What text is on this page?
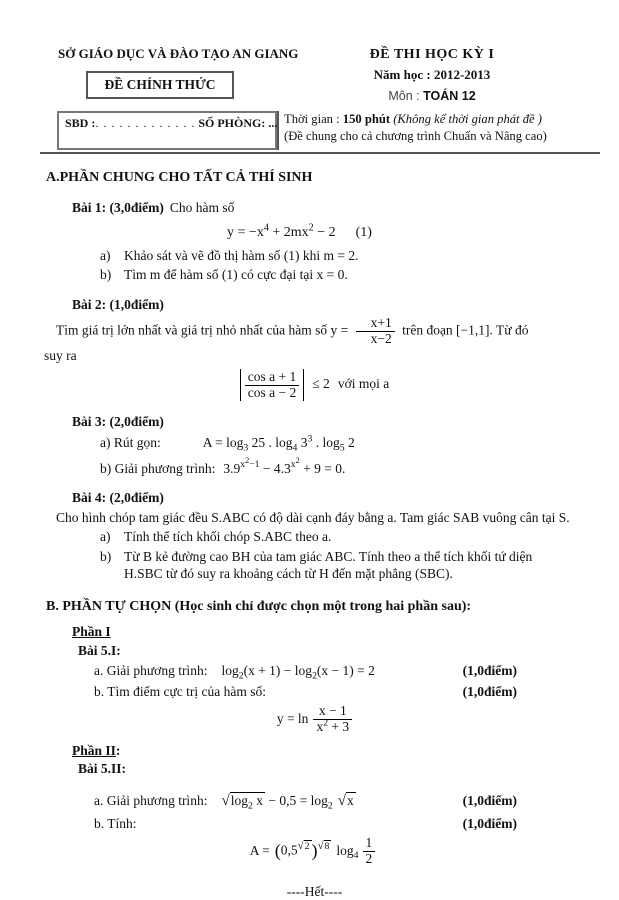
SỞ GIÁO DỤC VÀ ĐÀO TẠO AN GIANG
ĐỀ CHÍNH THỨC
ĐỀ THI HỌC KỲ I
Năm học : 2012-2013
Môn : TOÁN 12
SBD :. . . . . . . . . . . . . SỐ PHÒNG: ... Thời gian : 150 phút (Không kể thời gian phát đề )
(Đề chung cho cả chương trình Chuẩn và Nâng cao)
A.PHẦN CHUNG CHO TẤT CẢ THÍ SINH
Bài 1: (3,0điểm) Cho hàm số
$y = -x^4 + 2mx^2 - 2$ (1)
a)	Khảo sát và vẽ đồ thị hàm số (1) khi m = 2.
b) Tìm m để hàm số (1) có cực đại tại x = 0.
Bài 2: (1,0điểm)
Tìm giá trị lớn nhất và giá trị nhỏ nhất của hàm số $y = \frac{x+1}{x-2}$ trên đoạn [−1,1]. Từ đó
suy ra
$\frac{\text{cos a + 1}}{\text{cos a − 2}} \le 2$ với mọi a
Bài 3: (2,0điểm)
a) Rút gọn:	$A = \log_3 25$ . $\log_4 3^3$ . $\log_5 2$
b) Giải phương trình: $3.9^{x^2-1} - 4.3^{x^2} + 9 = 0$.
Bài 4: (2,0điểm)
Cho hình chóp tam giác đều S.ABC có độ dài cạnh đáy bằng a. Tam giác SAB vuông cân tại S.
a)	Tính thể tích khối chóp S.ABC theo a.
b) Từ B kẻ đường cao BH của tam giác ABC. Tính theo a thể tích khối tứ diện H.SBC từ đó suy ra khoảng cách từ H đến mặt phẳng (SBC).
B. PHẦN TỰ CHỌN (Học sinh chỉ được chọn một trong hai phần sau):
Phần I
Bài 5.I:
a. Giải phương trình: $\log_2(x + 1) - \log_2(x - 1) = 2$	(1,0điểm)
b. Tìm điểm cực trị của hàm số:	(1,0điểm)
$y = \ln \frac{x - 1}{x^2 + 3}$
Phần II:
Bài 5.II:
a. Giải phương trình: $√\log_2$ $x - 0,5 = \log_2 √x$	(1,0điểm)
b. Tính:	(1,0điểm)
$A = (0,5^{√2}$ )$^{√8}$ $\log_4 \frac{1}{2}$
----Hết----
